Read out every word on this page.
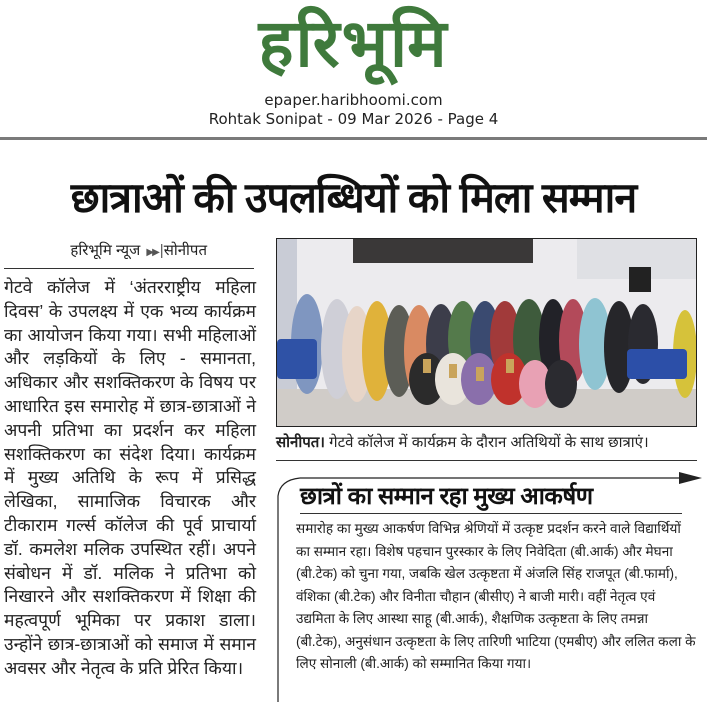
हरिभूमि
epaper.haribhoomi.com
Rohtak Sonipat - 09 Mar 2026 - Page 4
छात्राओं की उपलब्धियों को मिला सम्मान
हरिभूमि न्यूज ▶▶ |सोनीपत
गेटवे कॉलेज में ‘अंतरराष्ट्रीय महिला दिवस’ के उपलक्ष्य में एक भव्य कार्यक्रम का आयोजन किया गया। सभी महिलाओं और लड़कियों के लिए - समानता, अधिकार और सशक्तिकरण के विषय पर आधारित इस समारोह में छात्र-छात्राओं ने अपनी प्रतिभा का प्रदर्शन कर महिला सशक्तिकरण का संदेश दिया। कार्यक्रम में मुख्य अतिथि के रूप में प्रसिद्ध लेखिका, सामाजिक विचारक और टीकाराम गर्ल्स कॉलेज की पूर्व प्राचार्या डॉ. कमलेश मलिक उपस्थित रहीं। अपने संबोधन में डॉ. मलिक ने प्रतिभा को निखारने और सशक्तिकरण में शिक्षा की महत्वपूर्ण भूमिका पर प्रकाश डाला। उन्होंने छात्र-छात्राओं को समाज में समान अवसर और नेतृत्व के प्रति प्रेरित किया।
सोनीपत। गेटवे कॉलेज में कार्यक्रम के दौरान अतिथियों के साथ छात्राएं।
छात्रों का सम्मान रहा मुख्य आकर्षण
समारोह का मुख्य आकर्षण विभिन्न श्रेणियों में उत्कृष्ट प्रदर्शन करने वाले विद्यार्थियों का सम्मान रहा। विशेष पहचान पुरस्कार के लिए निवेदिता (बी.आर्क) और मेघना (बी.टेक) को चुना गया, जबकि खेल उत्कृष्टता में अंजलि सिंह राजपूत (बी.फार्मा), वंशिका (बी.टेक) और विनीता चौहान (बीसीए) ने बाजी मारी। वहीं नेतृत्व एवं उद्यमिता के लिए आस्था साहू (बी.आर्क), शैक्षणिक उत्कृष्टता के लिए तमन्ना (बी.टेक), अनुसंधान उत्कृष्टता के लिए तारिणी भाटिया (एमबीए) और ललित कला के लिए सोनाली (बी.आर्क) को सम्मानित किया गया।
